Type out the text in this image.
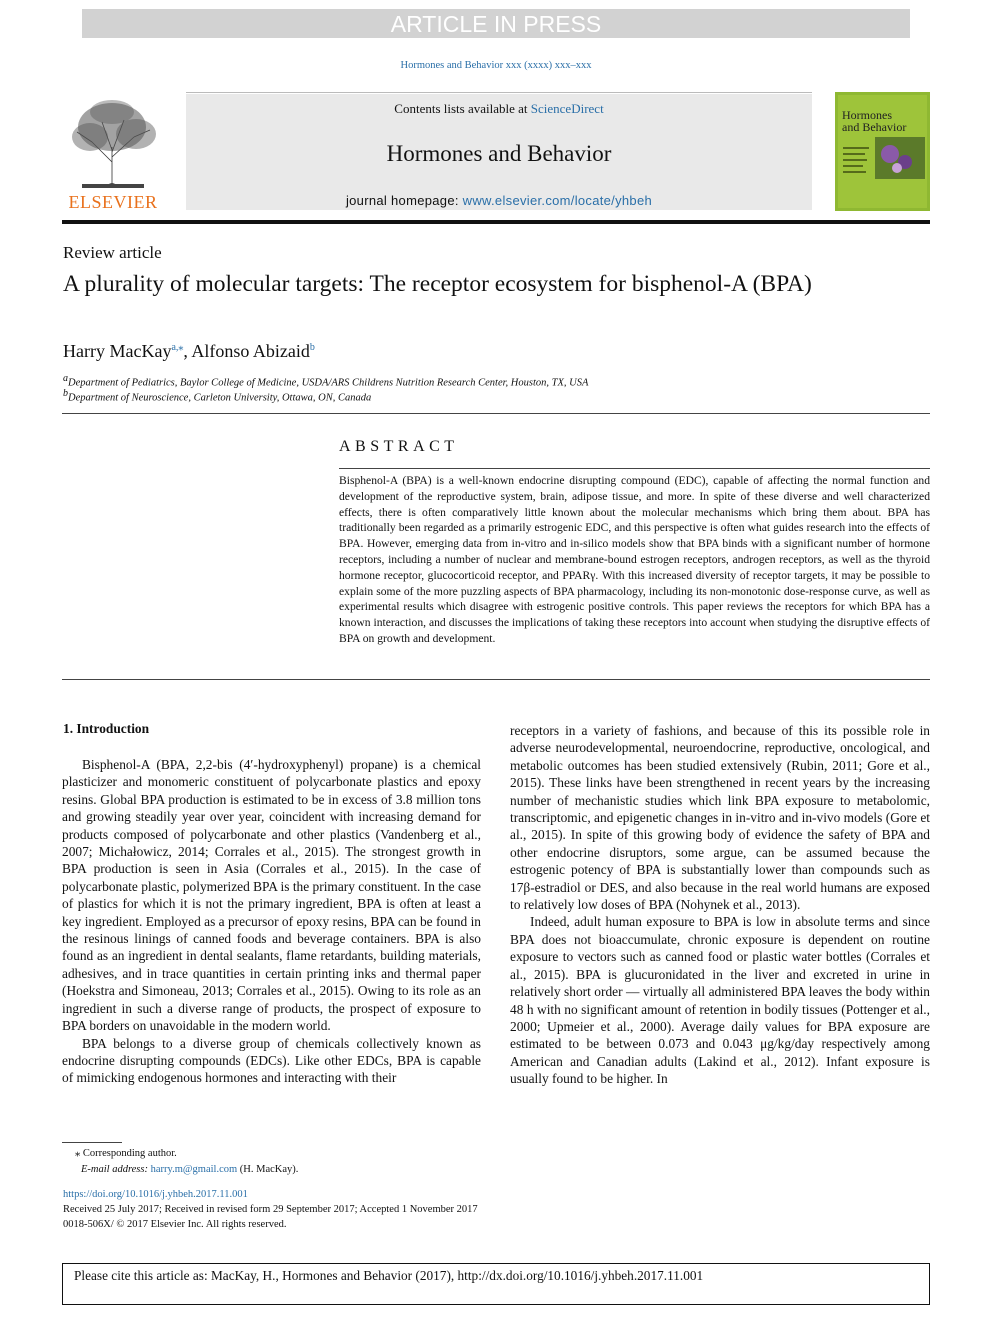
ARTICLE IN PRESS
Hormones and Behavior xxx (xxxx) xxx–xxx
ELSEVIER
Contents lists available at ScienceDirect
Hormones and Behavior
journal homepage: www.elsevier.com/locate/yhbeh
Hormones
and Behavior
Review article
A plurality of molecular targets: The receptor ecosystem for bisphenol-A (BPA)
Harry MacKay$^{a,⁎}$, Alfonso Abizaid$^b$
$^a$Department of Pediatrics, Baylor College of Medicine, USDA/ARS Childrens Nutrition Research Center, Houston, TX, USA
$^b$Department of Neuroscience, Carleton University, Ottawa, ON, Canada
ABSTRACT
Bisphenol-A (BPA) is a well-known endocrine disrupting compound (EDC), capable of affecting the normal function and development of the reproductive system, brain, adipose tissue, and more. In spite of these diverse and well characterized effects, there is often comparatively little known about the molecular mechanisms which bring them about. BPA has traditionally been regarded as a primarily estrogenic EDC, and this perspective is often what guides research into the effects of BPA. However, emerging data from in-vitro and in-silico models show that BPA binds with a significant number of hormone receptors, including a number of nuclear and membrane-bound estrogen receptors, androgen receptors, as well as the thyroid hormone receptor, glucocorticoid receptor, and PPARγ. With this increased diversity of receptor targets, it may be possible to explain some of the more puzzling aspects of BPA pharmacology, including its non-monotonic dose-response curve, as well as experimental results which disagree with estrogenic positive controls. This paper reviews the receptors for which BPA has a known interaction, and discusses the implications of taking these receptors into account when studying the disruptive effects of BPA on growth and development.
1. Introduction

Bisphenol-A (BPA, 2,2-bis (4′-hydroxyphenyl) propane) is a chemical plasticizer and monomeric constituent of polycarbonate plastics and epoxy resins. Global BPA production is estimated to be in excess of 3.8 million tons and growing steadily year over year, coincident with increasing demand for products composed of polycarbonate and other plastics (Vandenberg et al., 2007; Michałowicz, 2014; Corrales et al., 2015). The strongest growth in BPA production is seen in Asia (Corrales et al., 2015). In the case of polycarbonate plastic, polymerized BPA is the primary constituent. In the case of plastics for which it is not the primary ingredient, BPA is often at least a key ingredient. Employed as a precursor of epoxy resins, BPA can be found in the resinous linings of canned foods and beverage containers. BPA is also found as an ingredient in dental sealants, flame retardants, building materials, adhesives, and in trace quantities in certain printing inks and thermal paper (Hoekstra and Simoneau, 2013; Corrales et al., 2015). Owing to its role as an ingredient in such a diverse range of products, the prospect of exposure to BPA borders on unavoidable in the modern world.

BPA belongs to a diverse group of chemicals collectively known as endocrine disrupting compounds (EDCs). Like other EDCs, BPA is capable of mimicking endogenous hormones and interacting with their

receptors in a variety of fashions, and because of this its possible role in adverse neurodevelopmental, neuroendocrine, reproductive, oncological, and metabolic outcomes has been studied extensively (Rubin, 2011; Gore et al., 2015). These links have been strengthened in recent years by the increasing number of mechanistic studies which link BPA exposure to metabolomic, transcriptomic, and epigenetic changes in in-vitro and in-vivo models (Gore et al., 2015). In spite of this growing body of evidence the safety of BPA and other endocrine disruptors, some argue, can be assumed because the estrogenic potency of BPA is substantially lower than compounds such as 17β-estradiol or DES, and also because in the real world humans are exposed to relatively low doses of BPA (Nohynek et al., 2013).

Indeed, adult human exposure to BPA is low in absolute terms and since BPA does not bioaccumulate, chronic exposure is dependent on routine exposure to vectors such as canned food or plastic water bottles (Corrales et al., 2015). BPA is glucuronidated in the liver and excreted in urine in relatively short order — virtually all administered BPA leaves the body within 48 h with no significant amount of retention in bodily tissues (Pottenger et al., 2000; Upmeier et al., 2000). Average daily values for BPA exposure are estimated to be between 0.073 and 0.043 μg/kg/day respectively among American and Canadian adults (Lakind et al., 2012). Infant exposure is usually found to be higher. In

⁎ Corresponding author.
E-mail address: harry.m@gmail.com (H. MacKay).
https://doi.org/10.1016/j.yhbeh.2017.11.001
Received 25 July 2017; Received in revised form 29 September 2017; Accepted 1 November 2017
0018-506X/ © 2017 Elsevier Inc. All rights reserved.
Please cite this article as: MacKay, H., Hormones and Behavior (2017), http://dx.doi.org/10.1016/j.yhbeh.2017.11.001
